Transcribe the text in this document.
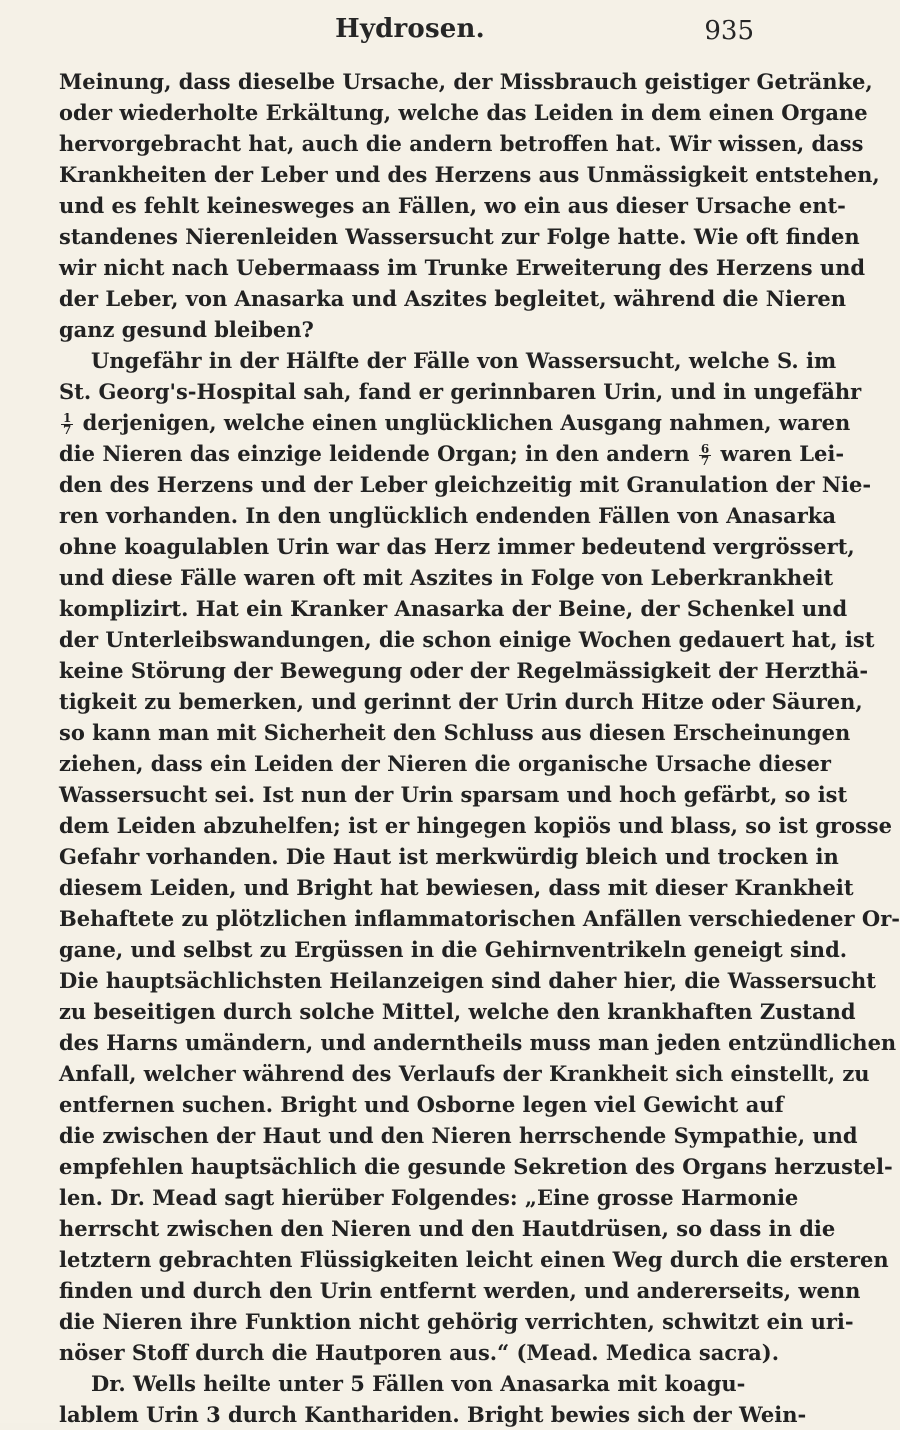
Hydrosen.	935
Meinung, dass dieselbe Ursache, der Missbrauch geistiger Getränke,
oder wiederholte Erkältung, welche das Leiden in dem einen Organe
hervorgebracht hat, auch die andern betroffen hat. Wir wissen, dass
Krankheiten der Leber und des Herzens aus Unmässigkeit entstehen,
und es fehlt keinesweges an Fällen, wo ein aus dieser Ursache ent-
standenes Nierenleiden Wassersucht zur Folge hatte. Wie oft finden
wir nicht nach Uebermaass im Trunke Erweiterung des Herzens und
der Leber, von Anasarka und Aszites begleitet, während die Nieren
ganz gesund bleiben?
Ungefähr in der Hälfte der Fälle von Wassersucht, welche S. im
St. Georg's-Hospital sah, fand er gerinnbaren Urin, und in ungefähr
$\frac{1}{7}$ derjenigen, welche einen unglücklichen Ausgang nahmen, waren
die Nieren das einzige leidende Organ; in den andern $\frac{6}{7}$ waren Lei-
den des Herzens und der Leber gleichzeitig mit Granulation der Nie-
ren vorhanden. In den unglücklich endenden Fällen von Anasarka
ohne koagulablen Urin war das Herz immer bedeutend vergrössert,
und diese Fälle waren oft mit Aszites in Folge von Leberkrankheit
komplizirt. Hat ein Kranker Anasarka der Beine, der Schenkel und
der Unterleibswandungen, die schon einige Wochen gedauert hat, ist
keine Störung der Bewegung oder der Regelmässigkeit der Herzthä-
tigkeit zu bemerken, und gerinnt der Urin durch Hitze oder Säuren,
so kann man mit Sicherheit den Schluss aus diesen Erscheinungen
ziehen, dass ein Leiden der Nieren die organische Ursache dieser
Wassersucht sei. Ist nun der Urin sparsam und hoch gefärbt, so ist
dem Leiden abzuhelfen; ist er hingegen kopiös und blass, so ist grosse
Gefahr vorhanden. Die Haut ist merkwürdig bleich und trocken in
diesem Leiden, und Bright hat bewiesen, dass mit dieser Krankheit
Behaftete zu plötzlichen inflammatorischen Anfällen verschiedener Or-
gane, und selbst zu Ergüssen in die Gehirnventrikeln geneigt sind.
Die hauptsächlichsten Heilanzeigen sind daher hier, die Wassersucht
zu beseitigen durch solche Mittel, welche den krankhaften Zustand
des Harns umändern, und anderntheils muss man jeden entzündlichen
Anfall, welcher während des Verlaufs der Krankheit sich einstellt, zu
entfernen suchen. Bright und Osborne legen viel Gewicht auf
die zwischen der Haut und den Nieren herrschende Sympathie, und
empfehlen hauptsächlich die gesunde Sekretion des Organs herzustel-
len. Dr. Mead sagt hierüber Folgendes: „Eine grosse Harmonie
herrscht zwischen den Nieren und den Hautdrüsen, so dass in die
letztern gebrachten Flüssigkeiten leicht einen Weg durch die ersteren
finden und durch den Urin entfernt werden, und andererseits, wenn
die Nieren ihre Funktion nicht gehörig verrichten, schwitzt ein uri-
nöser Stoff durch die Hautporen aus.“ (Mead. Medica sacra).
Dr. Wells heilte unter 5 Fällen von Anasarka mit koagu-
lablem Urin 3 durch Kanthariden. Bright bewies sich der Wein-
